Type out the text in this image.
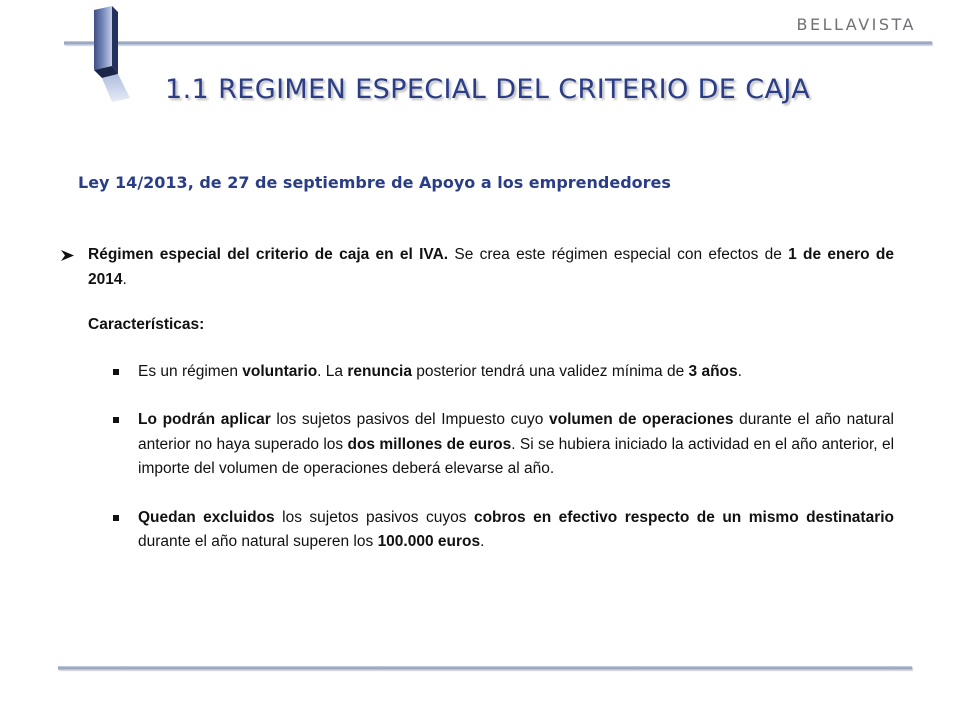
BELLAVISTA
1.1 REGIMEN ESPECIAL DEL CRITERIO DE CAJA
Ley 14/2013, de 27 de septiembre de Apoyo a los emprendedores

Régimen especial del criterio de caja en el IVA. Se crea este régimen especial con efectos de 1 de enero de 2014.

Características:

Es un régimen voluntario. La renuncia posterior tendrá una validez mínima de 3 años.
Lo podrán aplicar los sujetos pasivos del Impuesto cuyo volumen de operaciones durante el año natural anterior no haya superado los dos millones de euros. Si se hubiera iniciado la actividad en el año anterior, el importe del volumen de operaciones deberá elevarse al año.
Quedan excluidos los sujetos pasivos cuyos cobros en efectivo respecto de un mismo destinatario durante el año natural superen los 100.000 euros.
